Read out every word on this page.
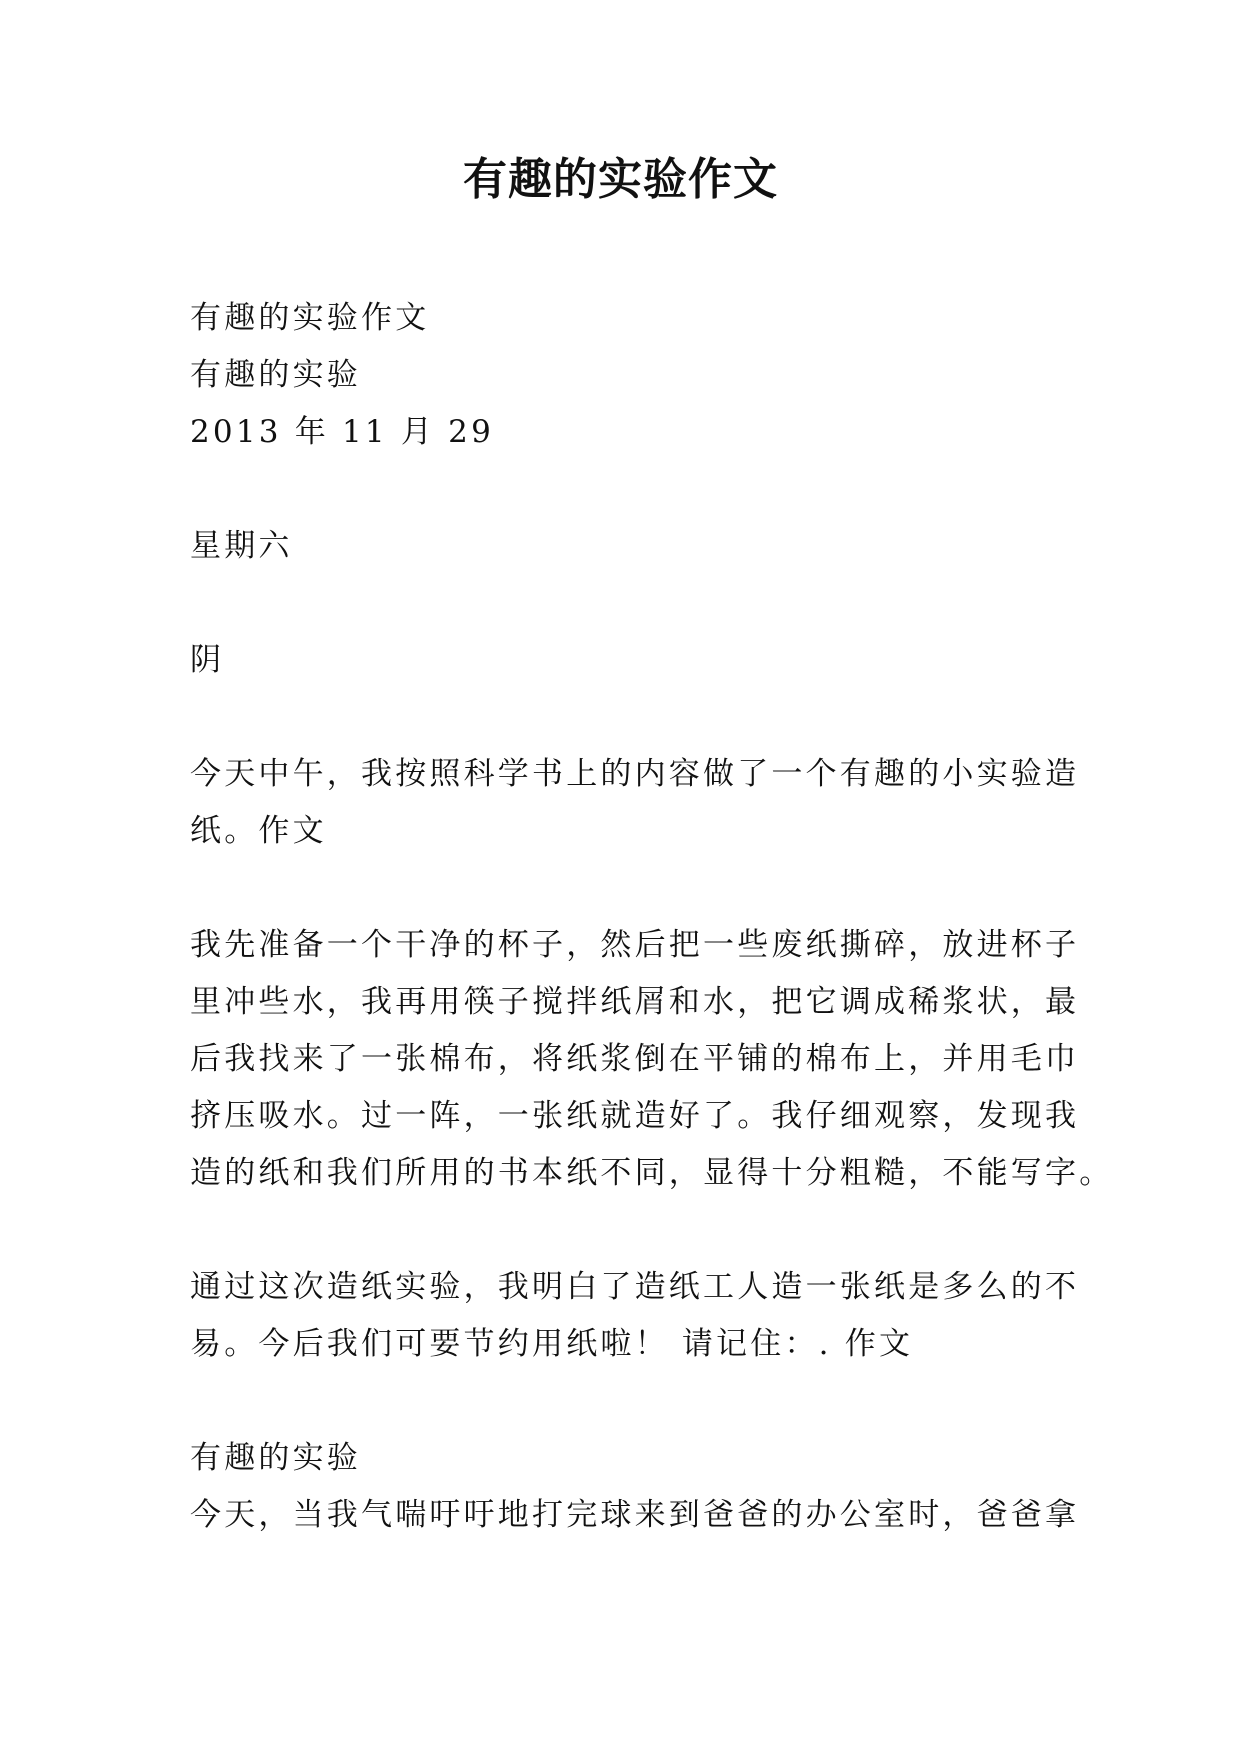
有趣的实验作文
有趣的实验作文
有趣的实验
2013 年 11 月 29
星期六
阴
今天中午，我按照科学书上的内容做了一个有趣的小实验造
纸。作文
我先准备一个干净的杯子，然后把一些废纸撕碎，放进杯子
里冲些水，我再用筷子搅拌纸屑和水，把它调成稀浆状，最
后我找来了一张棉布，将纸浆倒在平铺的棉布上，并用毛巾
挤压吸水。过一阵，一张纸就造好了。我仔细观察，发现我
造的纸和我们所用的书本纸不同，显得十分粗糙，不能写字。
通过这次造纸实验，我明白了造纸工人造一张纸是多么的不
易。今后我们可要节约用纸啦！ 请记住：. 作文
有趣的实验
今天，当我气喘吁吁地打完球来到爸爸的办公室时，爸爸拿
